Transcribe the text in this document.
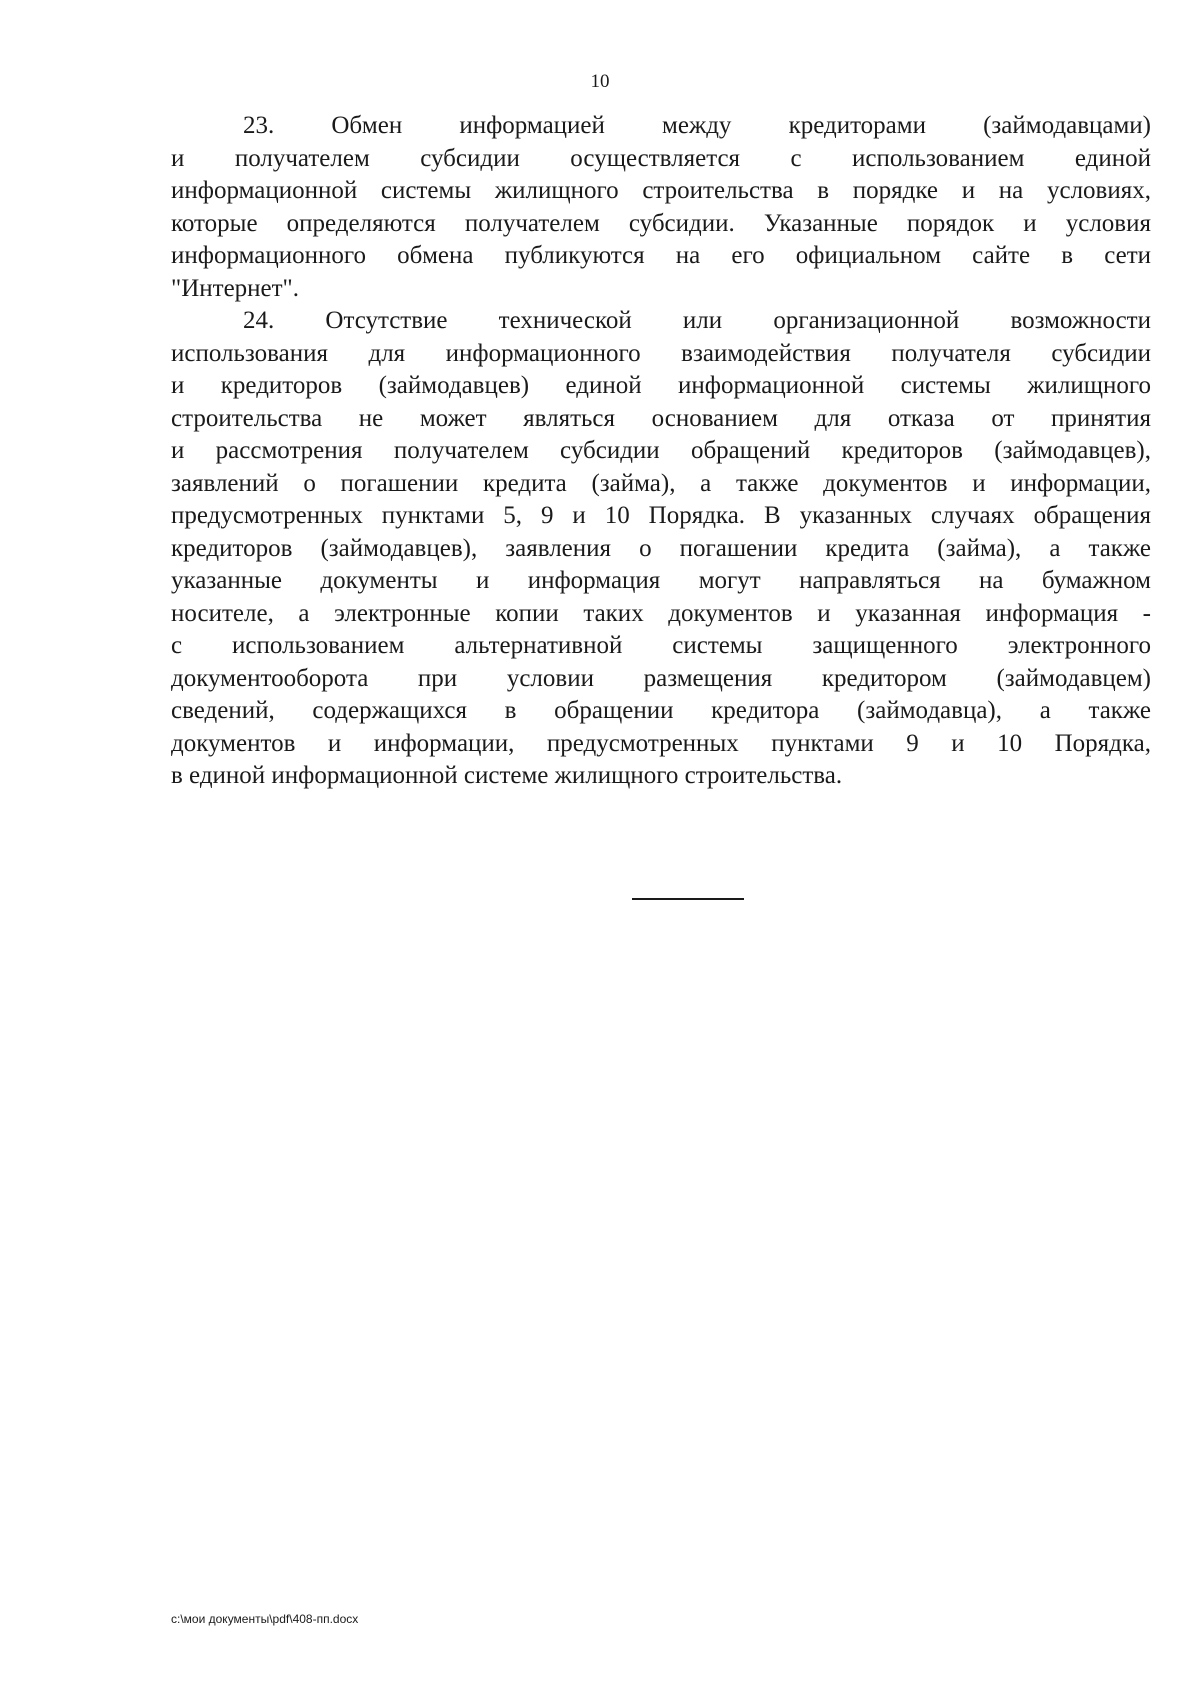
10
23. Обмен информацией между кредиторами (займодавцами)
и получателем субсидии осуществляется с использованием единой
информационной системы жилищного строительства в порядке и на условиях,
которые определяются получателем субсидии. Указанные порядок и условия
информационного обмена публикуются на его официальном сайте в сети
"Интернет".
24. Отсутствие технической или организационной возможности
использования для информационного взаимодействия получателя субсидии
и кредиторов (займодавцев) единой информационной системы жилищного
строительства не может являться основанием для отказа от принятия
и рассмотрения получателем субсидии обращений кредиторов (займодавцев),
заявлений о погашении кредита (займа), а также документов и информации,
предусмотренных пунктами 5, 9 и 10 Порядка. В указанных случаях обращения
кредиторов (займодавцев), заявления о погашении кредита (займа), а также
указанные документы и информация могут направляться на бумажном
носителе, а электронные копии таких документов и указанная информация -
с использованием альтернативной системы защищенного электронного
документооборота при условии размещения кредитором (займодавцем)
сведений, содержащихся в обращении кредитора (займодавца), а также
документов и информации, предусмотренных пунктами 9 и 10 Порядка,
в единой информационной системе жилищного строительства.
c:\мои документы\pdf\408-пп.docx
